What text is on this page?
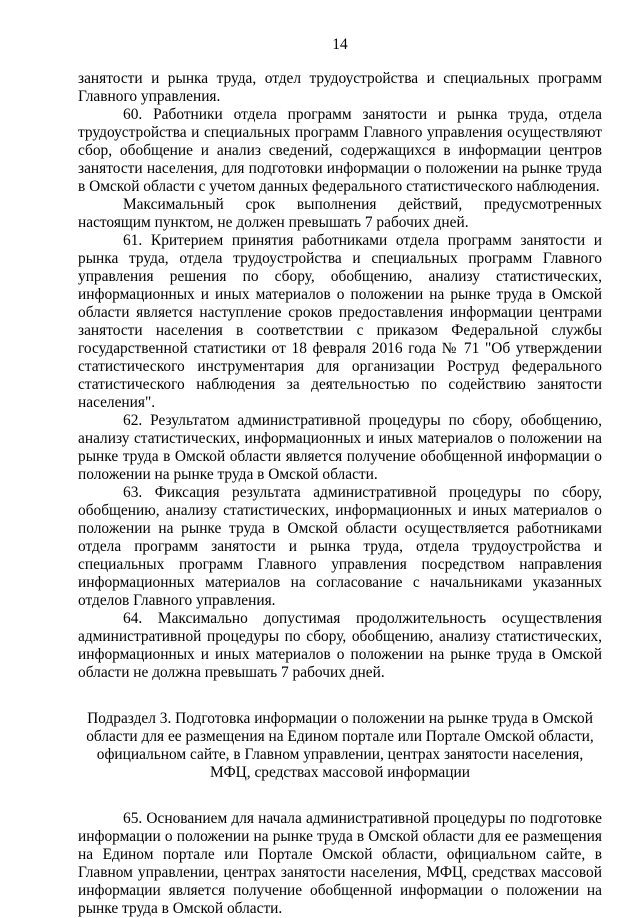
14

занятости и рынка труда, отдел трудоустройства и специальных программ Главного управления.

60. Работники отдела программ занятости и рынка труда, отдела трудоустройства и специальных программ Главного управления осуществляют сбор, обобщение и анализ сведений, содержащихся в информации центров занятости населения, для подготовки информации о положении на рынке труда в Омской области с учетом данных федерального статистического наблюдения.

Максимальный срок выполнения действий, предусмотренных настоящим пунктом, не должен превышать 7 рабочих дней.

61. Критерием принятия работниками отдела программ занятости и рынка труда, отдела трудоустройства и специальных программ Главного управления решения по сбору, обобщению, анализу статистических, информационных и иных материалов о положении на рынке труда в Омской области является наступление сроков предоставления информации центрами занятости населения в соответствии с приказом Федеральной службы государственной статистики от 18 февраля 2016 года № 71 "Об утверждении статистического инструментария для организации Роструд федерального статистического наблюдения за деятельностью по содействию занятости населения".

62. Результатом административной процедуры по сбору, обобщению, анализу статистических, информационных и иных материалов о положении на рынке труда в Омской области является получение обобщенной информации о положении на рынке труда в Омской области.

63. Фиксация результата административной процедуры по сбору, обобщению, анализу статистических, информационных и иных материалов о положении на рынке труда в Омской области осуществляется работниками отдела программ занятости и рынка труда, отдела трудоустройства и специальных программ Главного управления посредством направления информационных материалов на согласование с начальниками указанных отделов Главного управления.

64. Максимально допустимая продолжительность осуществления административной процедуры по сбору, обобщению, анализу статистических, информационных и иных материалов о положении на рынке труда в Омской области не должна превышать 7 рабочих дней.

Подраздел 3. Подготовка информации о положении на рынке труда в Омской
области для ее размещения на Едином портале или Портале Омской области,
официальном сайте, в Главном управлении, центрах занятости населения,
МФЦ, средствах массовой информации

65. Основанием для начала административной процедуры по подготовке информации о положении на рынке труда в Омской области для ее размещения на Едином портале или Портале Омской области, официальном сайте, в Главном управлении, центрах занятости населения, МФЦ, средствах массовой информации является получение обобщенной информации о положении на рынке труда в Омской области.
